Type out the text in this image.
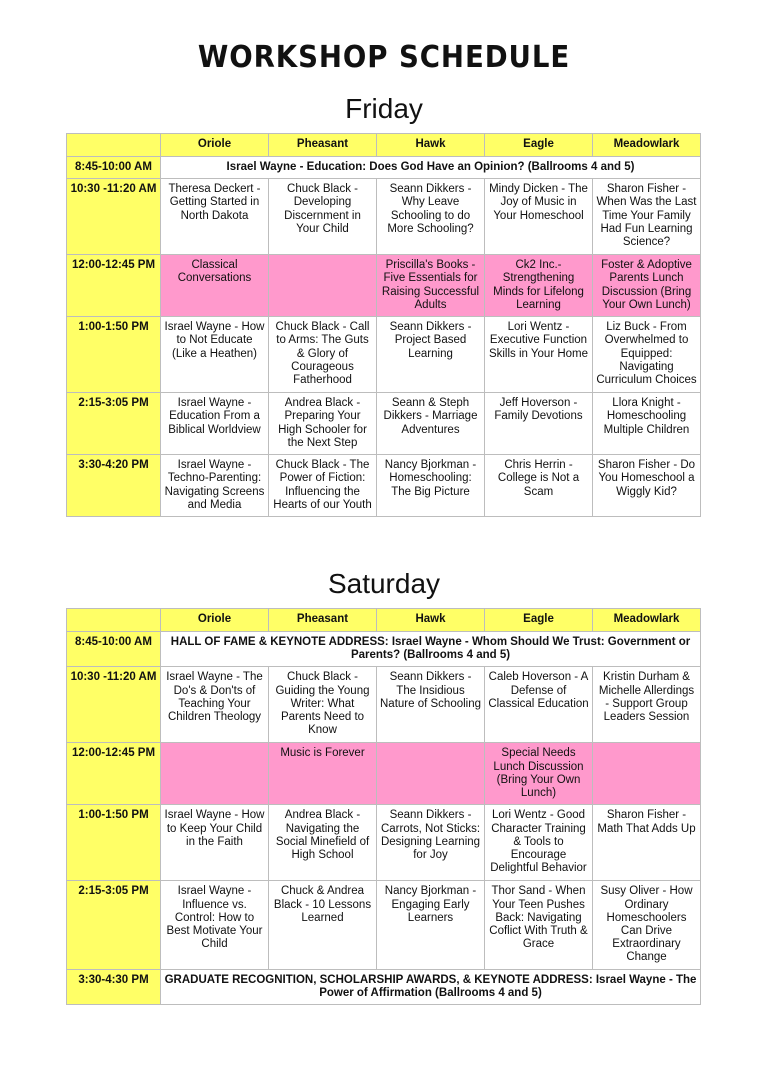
WORKSHOP SCHEDULE
Friday
	Oriole	Pheasant	Hawk	Eagle	Meadowlark
8:45-10:00 AM	Israel Wayne - Education: Does God Have an Opinion? (Ballrooms 4 and 5)				
10:30 -11:20 AM	Theresa Deckert - Getting Started in North Dakota	Chuck Black - Developing Discernment in Your Child	Seann Dikkers - Why Leave Schooling to do More Schooling?	Mindy Dicken - The Joy of Music in Your Homeschool	Sharon Fisher - When Was the Last Time Your Family Had Fun Learning Science?
12:00-12:45 PM	Classical Conversations		Priscilla's Books - Five Essentials for Raising Successful Adults	Ck2 Inc.- Strengthening Minds for Lifelong Learning	Foster & Adoptive Parents Lunch Discussion (Bring Your Own Lunch)
1:00-1:50 PM	Israel Wayne - How to Not Educate (Like a Heathen)	Chuck Black - Call to Arms: The Guts & Glory of Courageous Fatherhood	Seann Dikkers - Project Based Learning	Lori Wentz - Executive Function Skills in Your Home	Liz Buck - From Overwhelmed to Equipped: Navigating Curriculum Choices
2:15-3:05 PM	Israel Wayne - Education From a Biblical Worldview	Andrea Black - Preparing Your High Schooler for the Next Step	Seann & Steph Dikkers - Marriage Adventures	Jeff Hoverson - Family Devotions	Llora Knight - Homeschooling Multiple Children
3:30-4:20 PM	Israel Wayne - Techno-Parenting: Navigating Screens and Media	Chuck Black - The Power of Fiction: Influencing the Hearts of our Youth	Nancy Bjorkman - Homeschooling: The Big Picture	Chris Herrin - College is Not a Scam	Sharon Fisher - Do You Homeschool a Wiggly Kid?
Saturday
	Oriole	Pheasant	Hawk	Eagle	Meadowlark
8:45-10:00 AM	HALL OF FAME & KEYNOTE ADDRESS: Israel Wayne - Whom Should We Trust: Government or Parents? (Ballrooms 4 and 5)				
10:30 -11:20 AM	Israel Wayne - The Do's & Don'ts of Teaching Your Children Theology	Chuck Black - Guiding the Young Writer: What Parents Need to Know	Seann Dikkers - The Insidious Nature of Schooling	Caleb Hoverson - A Defense of Classical Education	Kristin Durham & Michelle Allerdings - Support Group Leaders Session
12:00-12:45 PM		Music is Forever		Special Needs Lunch Discussion (Bring Your Own Lunch)	
1:00-1:50 PM	Israel Wayne - How to Keep Your Child in the Faith	Andrea Black - Navigating the Social Minefield of High School	Seann Dikkers - Carrots, Not Sticks: Designing Learning for Joy	Lori Wentz - Good Character Training & Tools to Encourage Delightful Behavior	Sharon Fisher - Math That Adds Up
2:15-3:05 PM	Israel Wayne - Influence vs. Control: How to Best Motivate Your Child	Chuck & Andrea Black - 10 Lessons Learned	Nancy Bjorkman - Engaging Early Learners	Thor Sand - When Your Teen Pushes Back: Navigating Coflict With Truth & Grace	Susy Oliver - How Ordinary Homeschoolers Can Drive Extraordinary Change
3:30-4:30 PM	GRADUATE RECOGNITION, SCHOLARSHIP AWARDS, & KEYNOTE ADDRESS: Israel Wayne - The Power of Affirmation (Ballrooms 4 and 5)				
